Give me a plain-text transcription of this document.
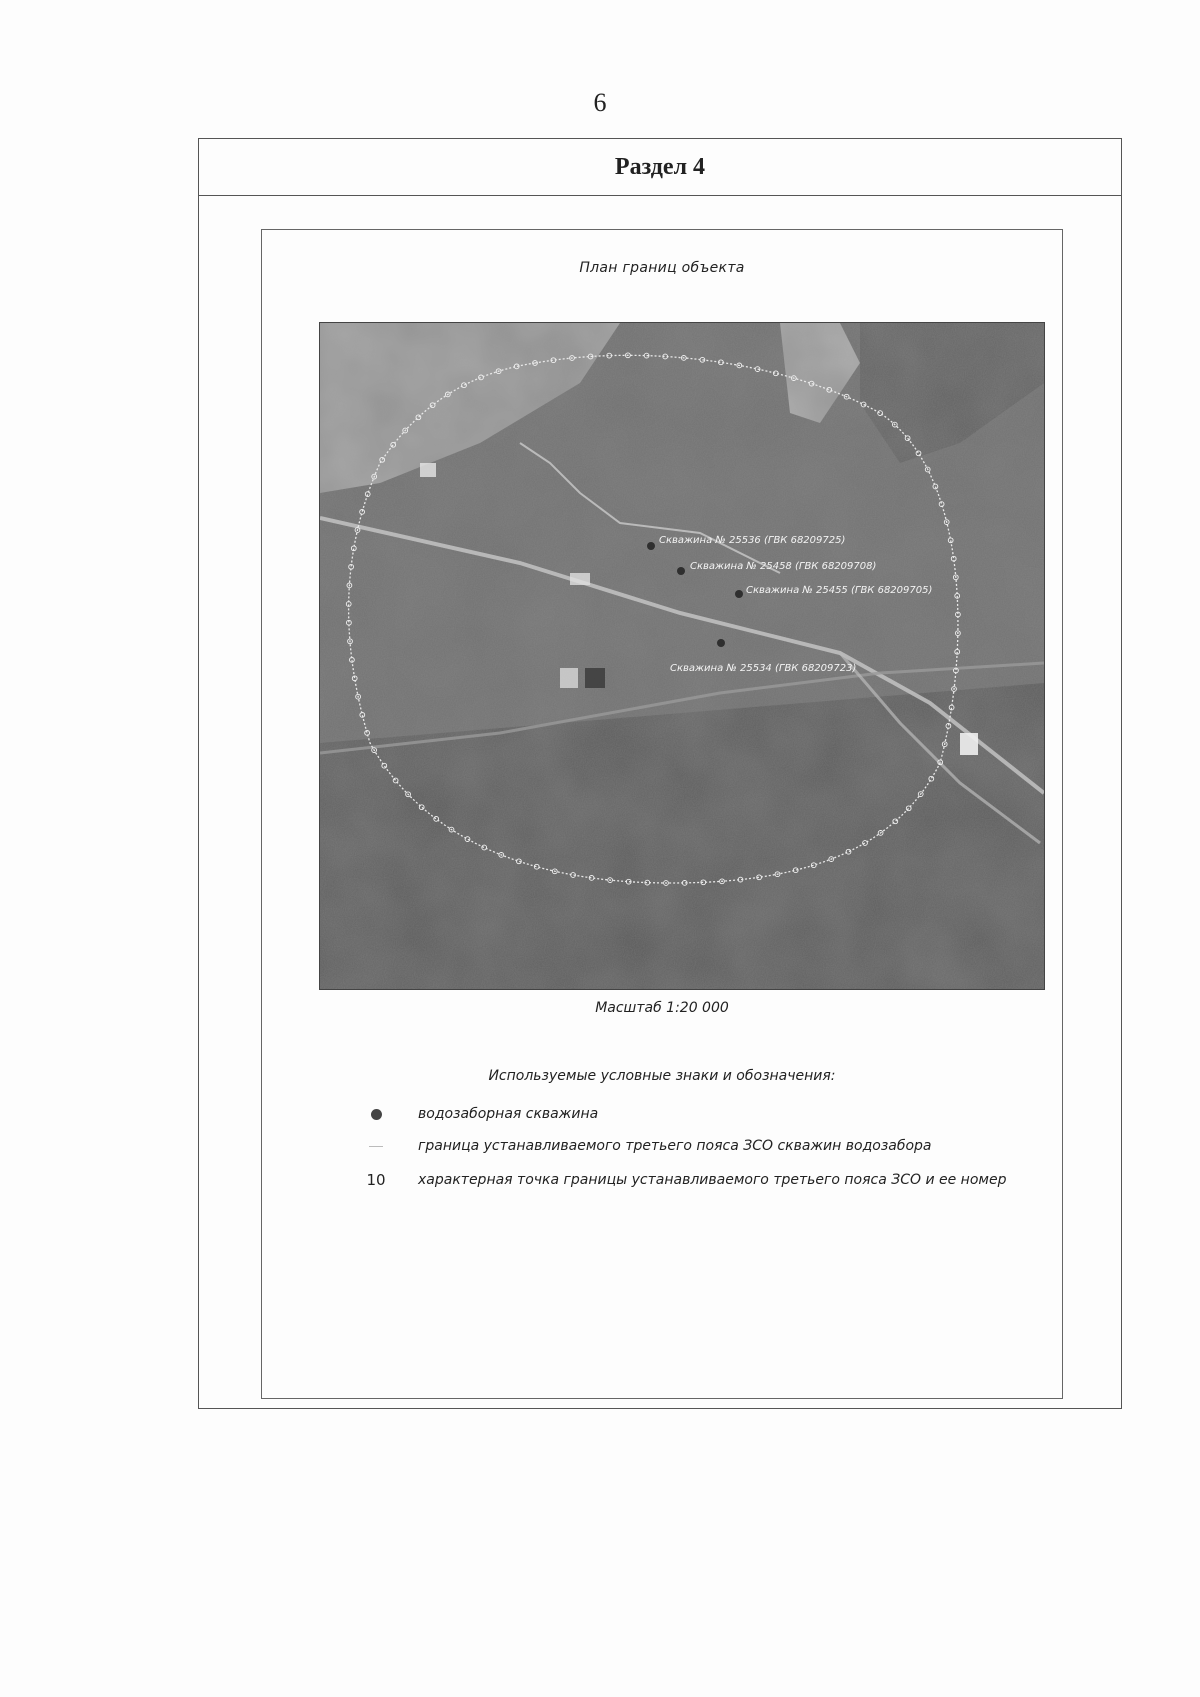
6
Раздел 4
План границ объекта
Скважина № 25536 (ГВК 68209725)
Скважина № 25458 (ГВК 68209708)
Скважина № 25455 (ГВК 68209705)
Скважина № 25534 (ГВК 68209723)
Масштаб 1:20 000
Используемые условные знаки и обозначения:
водозаборная скважина
граница устанавливаемого третьего пояса ЗСО скважин водозабора
10	характерная точка границы устанавливаемого третьего пояса ЗСО и ее номер
